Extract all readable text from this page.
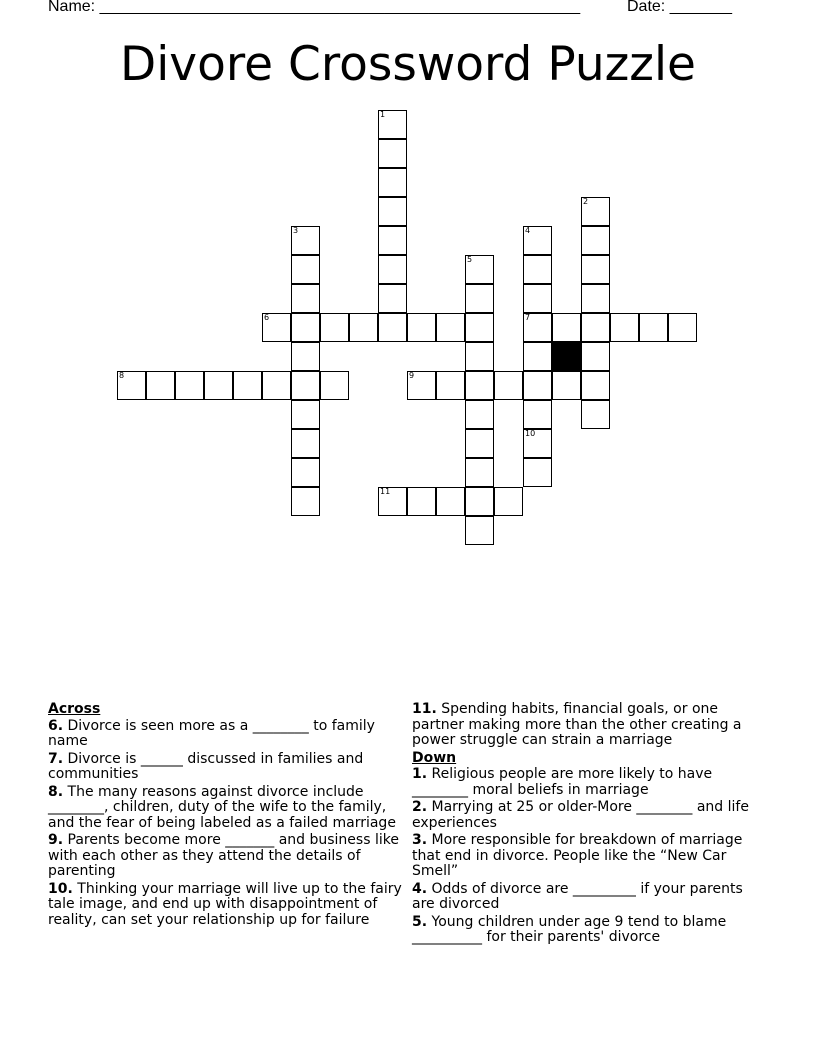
Name: ______________________________________________________	Date: _______
Divore Crossword Puzzle
1
2
3	4
7
10
5
6
8	9
11
Across
6. Divorce is seen more as a ________ to family name
7. Divorce is ______ discussed in families and communities
8. The many reasons against divorce include ________, children, duty of the wife to the family, and the fear of being labeled as a failed marriage
9. Parents become more _______ and business like with each other as they attend the details of parenting
10. Thinking your marriage will live up to the fairy tale image, and end up with disappointment of reality, can set your relationship up for failure
11. Spending habits, financial goals, or one partner making more than the other creating a power struggle can strain a marriage
Down
1. Religious people are more likely to have ________ moral beliefs in marriage
2. Marrying at 25 or older-More ________ and life experiences
3. More responsible for breakdown of marriage that end in divorce. People like the “New Car Smell”
4. Odds of divorce are _________ if your parents are divorced
5. Young children under age 9 tend to blame __________ for their parents' divorce
